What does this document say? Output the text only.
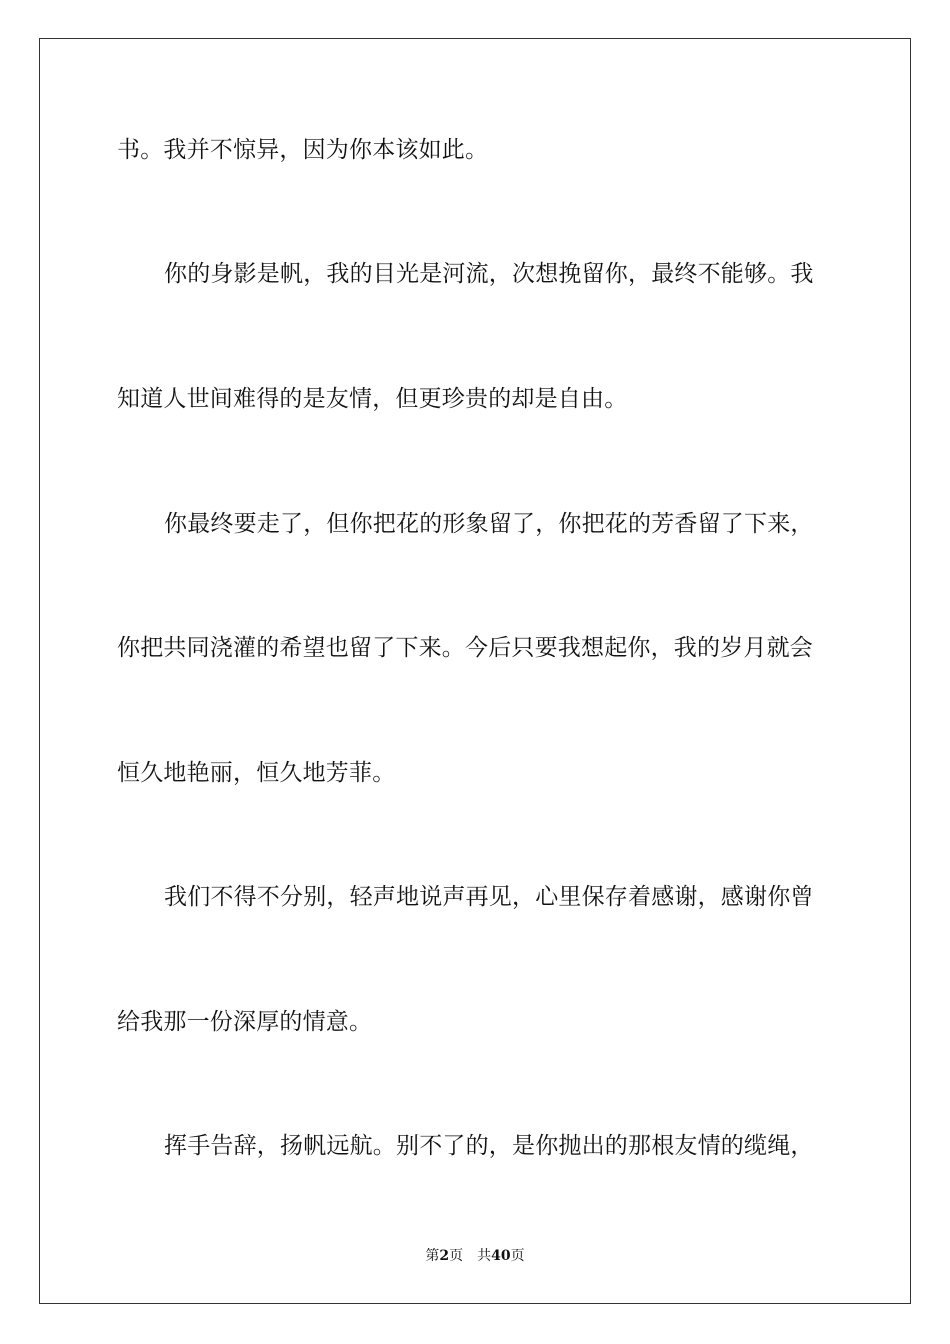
书。我并不惊异，因为你本该如此。
你的身影是帆，我的目光是河流，次想挽留你，最终不能够。我
知道人世间难得的是友情，但更珍贵的却是自由。
你最终要走了，但你把花的形象留了，你把花的芳香留了下来，
你把共同浇灌的希望也留了下来。今后只要我想起你，我的岁月就会
恒久地艳丽，恒久地芳菲。
我们不得不分别，轻声地说声再见，心里保存着感谢，感谢你曾
给我那一份深厚的情意。
挥手告辞，扬帆远航。别不了的，是你抛出的那根友情的缆绳，
第2页 共40页
